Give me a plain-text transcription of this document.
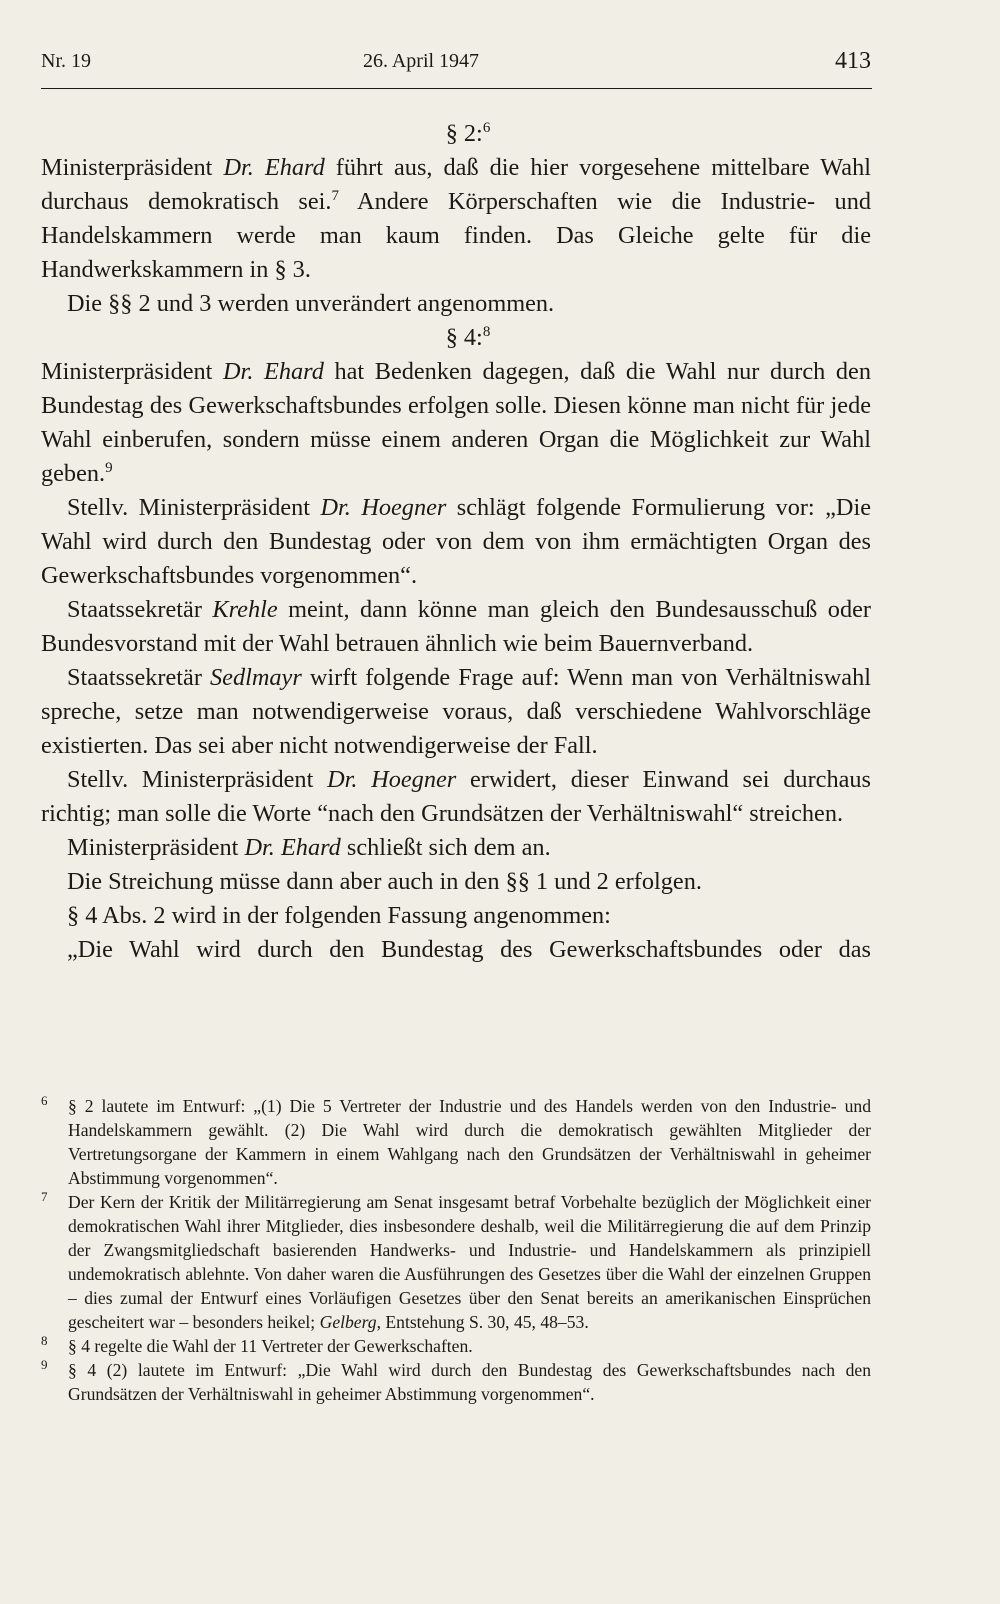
Nr. 19	26. April 1947	413
§ 2:$^6$

Ministerpräsident Dr. Ehard führt aus, daß die hier vorgesehene mittelbare Wahl durchaus demokratisch sei.$^7$ Andere Körperschaften wie die Industrie- und Handelskammern werde man kaum finden. Das Gleiche gelte für die Handwerkskammern in § 3.

Die §§ 2 und 3 werden unverändert angenommen.

§ 4:$^8$

Ministerpräsident Dr. Ehard hat Bedenken dagegen, daß die Wahl nur durch den Bundestag des Gewerkschaftsbundes erfolgen solle. Diesen könne man nicht für jede Wahl einberufen, sondern müsse einem anderen Organ die Möglichkeit zur Wahl geben.$^9$

Stellv. Ministerpräsident Dr. Hoegner schlägt folgende Formulierung vor: „Die Wahl wird durch den Bundestag oder von dem von ihm ermächtigten Organ des Gewerkschaftsbundes vorgenommen“.

Staatssekretär Krehle meint, dann könne man gleich den Bundesausschuß oder Bundesvorstand mit der Wahl betrauen ähnlich wie beim Bauernverband.

Staatssekretär Sedlmayr wirft folgende Frage auf: Wenn man von Verhältniswahl spreche, setze man notwendigerweise voraus, daß verschiedene Wahlvorschläge existierten. Das sei aber nicht notwendigerweise der Fall.

Stellv. Ministerpräsident Dr. Hoegner erwidert, dieser Einwand sei durchaus richtig; man solle die Worte “nach den Grundsätzen der Verhältniswahl“ streichen.

Ministerpräsident Dr. Ehard schließt sich dem an.

Die Streichung müsse dann aber auch in den §§ 1 und 2 erfolgen.

§ 4 Abs. 2 wird in der folgenden Fassung angenommen:

„Die Wahl wird durch den Bundestag des Gewerkschaftsbundes oder das

6 § 2 lautete im Entwurf: „(1) Die 5 Vertreter der Industrie und des Handels werden von den Industrie- und Handelskammern gewählt. (2) Die Wahl wird durch die demokratisch gewählten Mitglieder der Vertretungsorgane der Kammern in einem Wahlgang nach den Grundsätzen der Verhältniswahl in geheimer Abstimmung vorgenommen“.

7 Der Kern der Kritik der Militärregierung am Senat insgesamt betraf Vorbehalte bezüglich der Möglichkeit einer demokratischen Wahl ihrer Mitglieder, dies insbesondere deshalb, weil die Militärregierung die auf dem Prinzip der Zwangsmitgliedschaft basierenden Handwerks- und Industrie- und Handelskammern als prinzipiell undemokratisch ablehnte. Von daher waren die Ausführungen des Gesetzes über die Wahl der einzelnen Gruppen – dies zumal der Entwurf eines Vorläufigen Gesetzes über den Senat bereits an amerikanischen Einsprüchen gescheitert war – besonders heikel; Gelberg, Entstehung S. 30, 45, 48–53.

8 § 4 regelte die Wahl der 11 Vertreter der Gewerkschaften.

9 § 4 (2) lautete im Entwurf: „Die Wahl wird durch den Bundestag des Gewerkschaftsbundes nach den Grundsätzen der Verhältniswahl in geheimer Abstimmung vorgenommen“.
